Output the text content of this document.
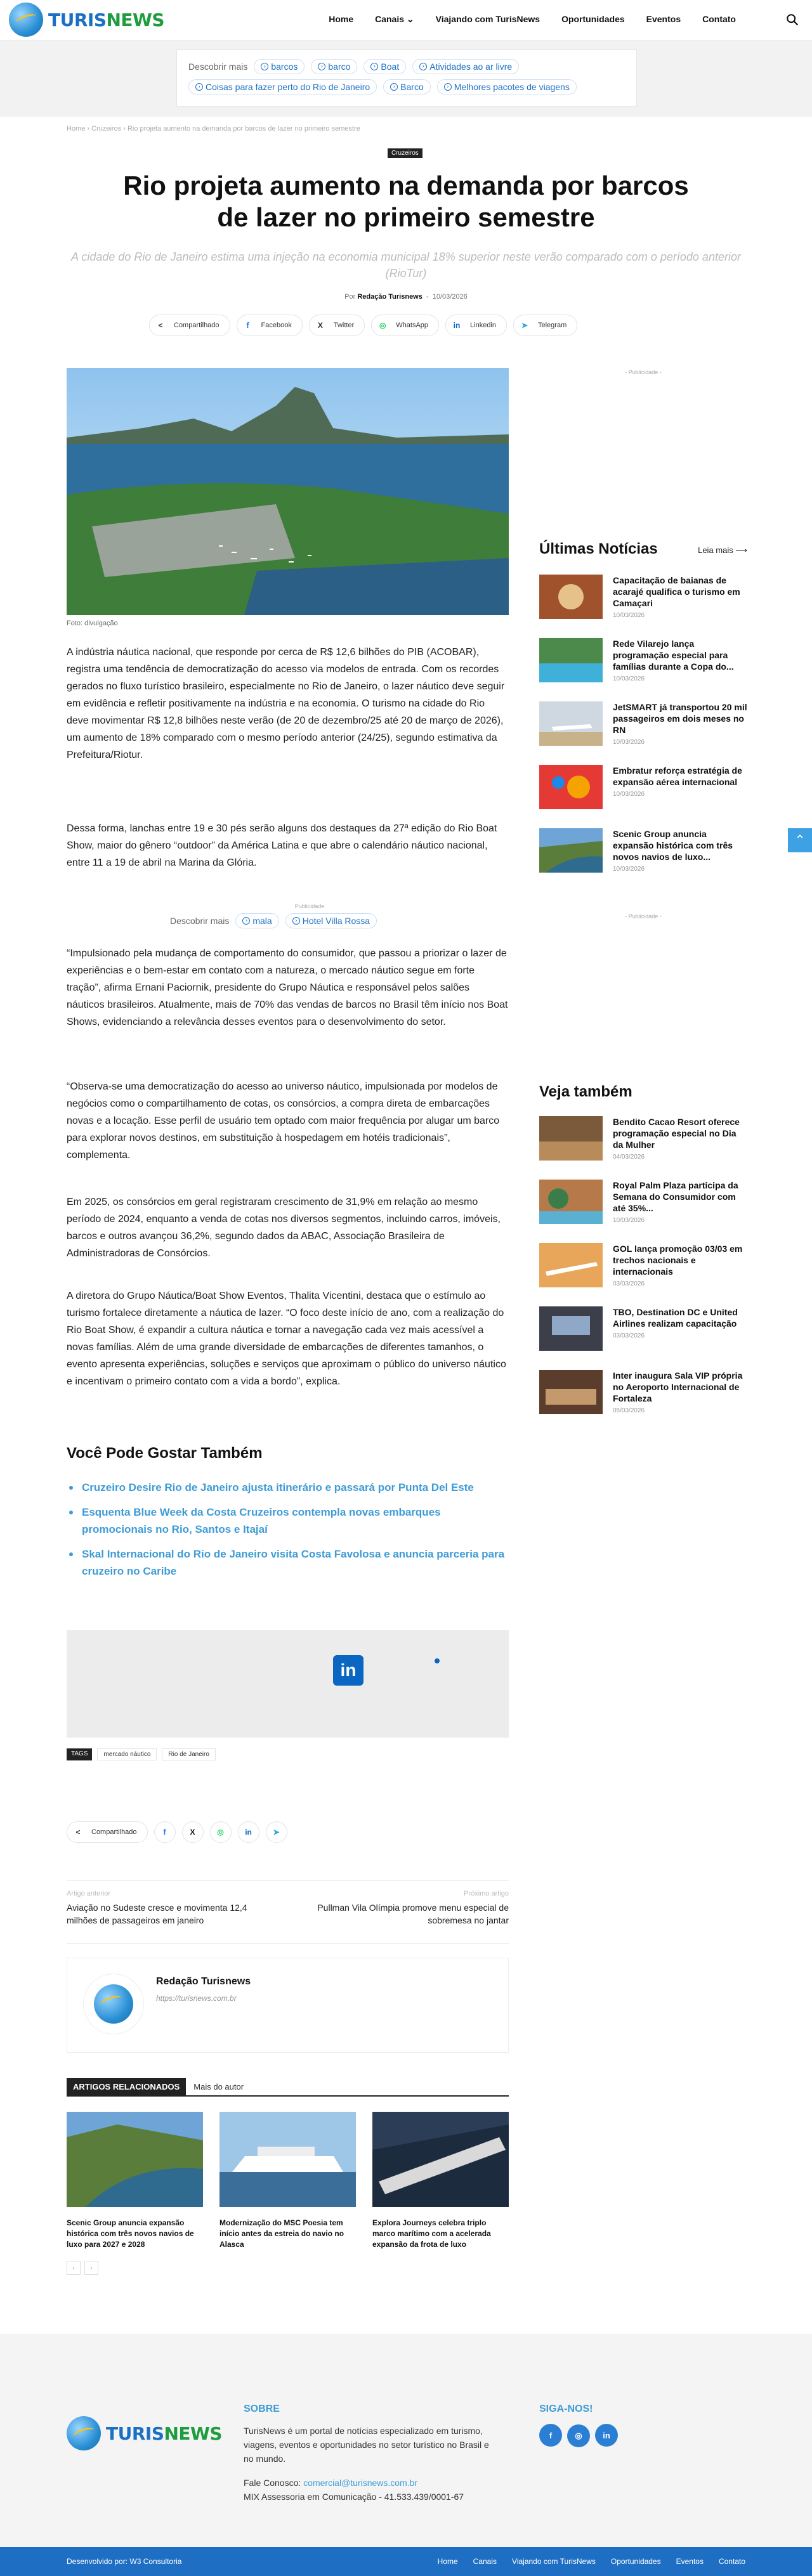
TURISNEWS	Home Canais ⌄ Viajando com TurisNews Oportunidades Eventos Contato
Descobrir mais	› barcos	› barco	› Boat	› Atividades ao ar livre
› Coisas para fazer perto do Rio de Janeiro	› Barco	› Melhores pacotes de viagens
Home › Cruzeiros › Rio projeta aumento na demanda por barcos de lazer no primeiro semestre
Cruzeiros
Rio projeta aumento na demanda por barcos de lazer no primeiro semestre
A cidade do Rio de Janeiro estima uma injeção na economia municipal 18% superior neste verão comparado com o período anterior (RioTur)
Por Redação Turisnews  -  10/03/2026
<	Compartilhado	f	Facebook	X Twitter	◎ WhatsApp	in Linkedin	➤ Telegram
Foto: divulgação

A indústria náutica nacional, que responde por cerca de R$ 12,6 bilhões do PIB (ACOBAR), registra uma tendência de democratização do acesso via modelos de entrada. Com os recordes gerados no fluxo turístico brasileiro, especialmente no Rio de Janeiro, o lazer náutico deve seguir em evidência e refletir positivamente na indústria e na economia. O turismo na cidade do Rio deve movimentar R$ 12,8 bilhões neste verão (de 20 de dezembro/25 até 20 de março de 2026), um aumento de 18% comparado com o mesmo período anterior (24/25), segundo estimativa da Prefeitura/Riotur.

Dessa forma, lanchas entre 19 e 30 pés serão alguns dos destaques da 27ª edição do Rio Boat Show, maior do gênero “outdoor” da América Latina e que abre o calendário náutico nacional, entre 11 a 19 de abril na Marina da Glória.

Publicidade
Descobrir mais	› mala	› Hotel Villa Rossa

“Impulsionado pela mudança de comportamento do consumidor, que passou a priorizar o lazer de experiências e o bem-estar em contato com a natureza, o mercado náutico segue em forte tração”, afirma Ernani Paciornik, presidente do Grupo Náutica e responsável pelos salões náuticos brasileiros. Atualmente, mais de 70% das vendas de barcos no Brasil têm início nos Boat Shows, evidenciando a relevância desses eventos para o desenvolvimento do setor.

“Observa-se uma democratização do acesso ao universo náutico, impulsionada por modelos de negócios como o compartilhamento de cotas, os consórcios, a compra direta de embarcações novas e a locação. Esse perfil de usuário tem optado com maior frequência por alugar um barco para explorar novos destinos, em substituição à hospedagem em hotéis tradicionais”, complementa.

Em 2025, os consórcios em geral registraram crescimento de 31,9% em relação ao mesmo período de 2024, enquanto a venda de cotas nos diversos segmentos, incluindo carros, imóveis, barcos e outros avançou 36,2%, segundo dados da ABAC, Associação Brasileira de Administradoras de Consórcios.

A diretora do Grupo Náutica/Boat Show Eventos, Thalita Vicentini, destaca que o estímulo ao turismo fortalece diretamente a náutica de lazer. “O foco deste início de ano, com a realização do Rio Boat Show, é expandir a cultura náutica e tornar a navegação cada vez mais acessível a novas famílias. Além de uma grande diversidade de embarcações de diferentes tamanhos, o evento apresenta experiências, soluções e serviços que aproximam o público do universo náutico e incentivam o primeiro contato com a vida a bordo”, explica.

Você Pode Gostar Também
Cruzeiro Desire Rio de Janeiro ajusta itinerário e passará por Punta Del Este
Esquenta Blue Week da Costa Cruzeiros contempla novas embarques promocionais no Rio, Santos e Itajaí
Skal Internacional do Rio de Janeiro visita Costa Favolosa e anuncia parceria para cruzeiro no Caribe
in
TAGS	mercado náutico	Rio de Janeiro
<	Compartilhado	f	X	◎	in	➤
Artigo anterior
Aviação no Sudeste cresce e movimenta 12,4 milhões de passageiros em janeiro
Próximo artigo
Pullman Vila Olímpia promove menu especial de sobremesa no jantar
Redação Turisnews
https://turisnews.com.br
ARTIGOS RELACIONADOS	Mais do autor
Scenic Group anuncia expansão histórica com três novos navios de luxo para 2027 e 2028
Modernização do MSC Poesia tem início antes da estreia do navio no Alasca
Explora Journeys celebra triplo marco marítimo com a acelerada expansão da frota de luxo
‹	›
- Publicidade -
Últimas Notícias	Leia mais ⟶
Capacitação de baianas de acarajé qualifica o turismo em Camaçari
10/03/2026
Rede Vilarejo lança programação especial para famílias durante a Copa do...
10/03/2026
JetSMART já transportou 20 mil passageiros em dois meses no RN
10/03/2026
Embratur reforça estratégia de expansão aérea internacional
10/03/2026
Scenic Group anuncia expansão histórica com três novos navios de luxo...
10/03/2026
- Publicidade -
Veja também
Bendito Cacao Resort oferece programação especial no Dia da Mulher
04/03/2026
Royal Palm Plaza participa da Semana do Consumidor com até 35%...
10/03/2026
GOL lança promoção 03/03 em trechos nacionais e internacionais
03/03/2026
TBO, Destination DC e United Airlines realizam capacitação
03/03/2026
Inter inaugura Sala VIP própria no Aeroporto Internacional de Fortaleza
05/03/2026
⌃
TURISNEWS
SOBRE

TurisNews é um portal de notícias especializado em turismo, viagens, eventos e oportunidades no setor turístico no Brasil e no mundo.

Fale Conosco: comercial@turisnews.com.br

MIX Assessoria em Comunicação - 41.533.439/0001-67

SIGA-NOS!
f	◎	in
Desenvolvido por: W3 Consultoria	Home Canais Viajando com TurisNews Oportunidades Eventos Contato
